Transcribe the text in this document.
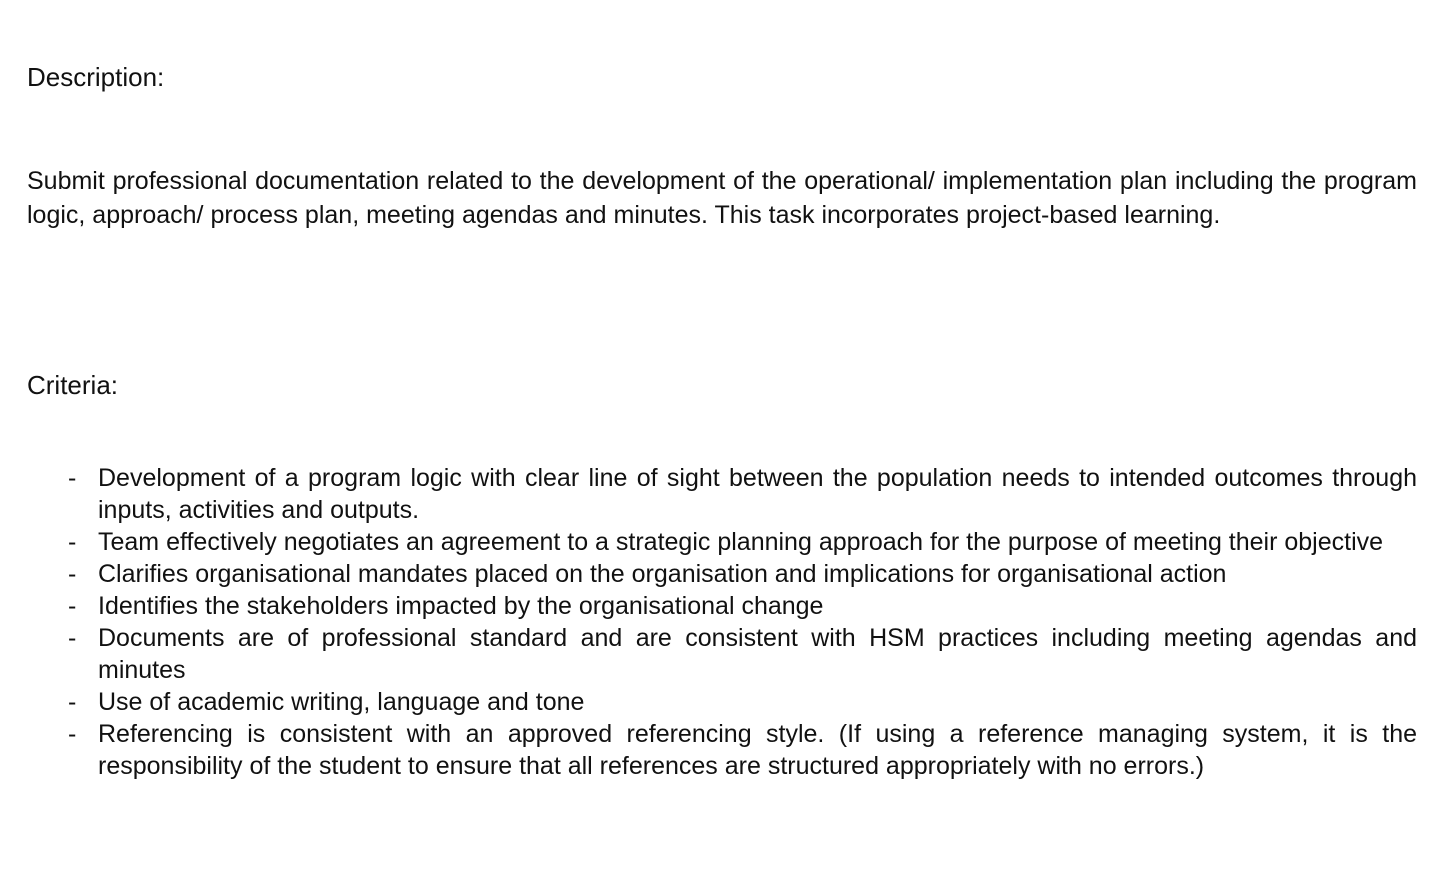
Description:

Submit professional documentation related to the development of the operational/ implementation plan including the program logic, approach/ process plan, meeting agendas and minutes. This task incorporates project-based learning.

Criteria:
- Development of a program logic with clear line of sight between the population needs to intended outcomes through inputs, activities and outputs.
- Team effectively negotiates an agreement to a strategic planning approach for the purpose of meeting their objective
- Clarifies organisational mandates placed on the organisation and implications for organisational action
- Identifies the stakeholders impacted by the organisational change
- Documents are of professional standard and are consistent with HSM practices including meeting agendas and minutes
- Use of academic writing, language and tone
- Referencing is consistent with an approved referencing style. (If using a reference managing system, it is the responsibility of the student to ensure that all references are structured appropriately with no errors.)
